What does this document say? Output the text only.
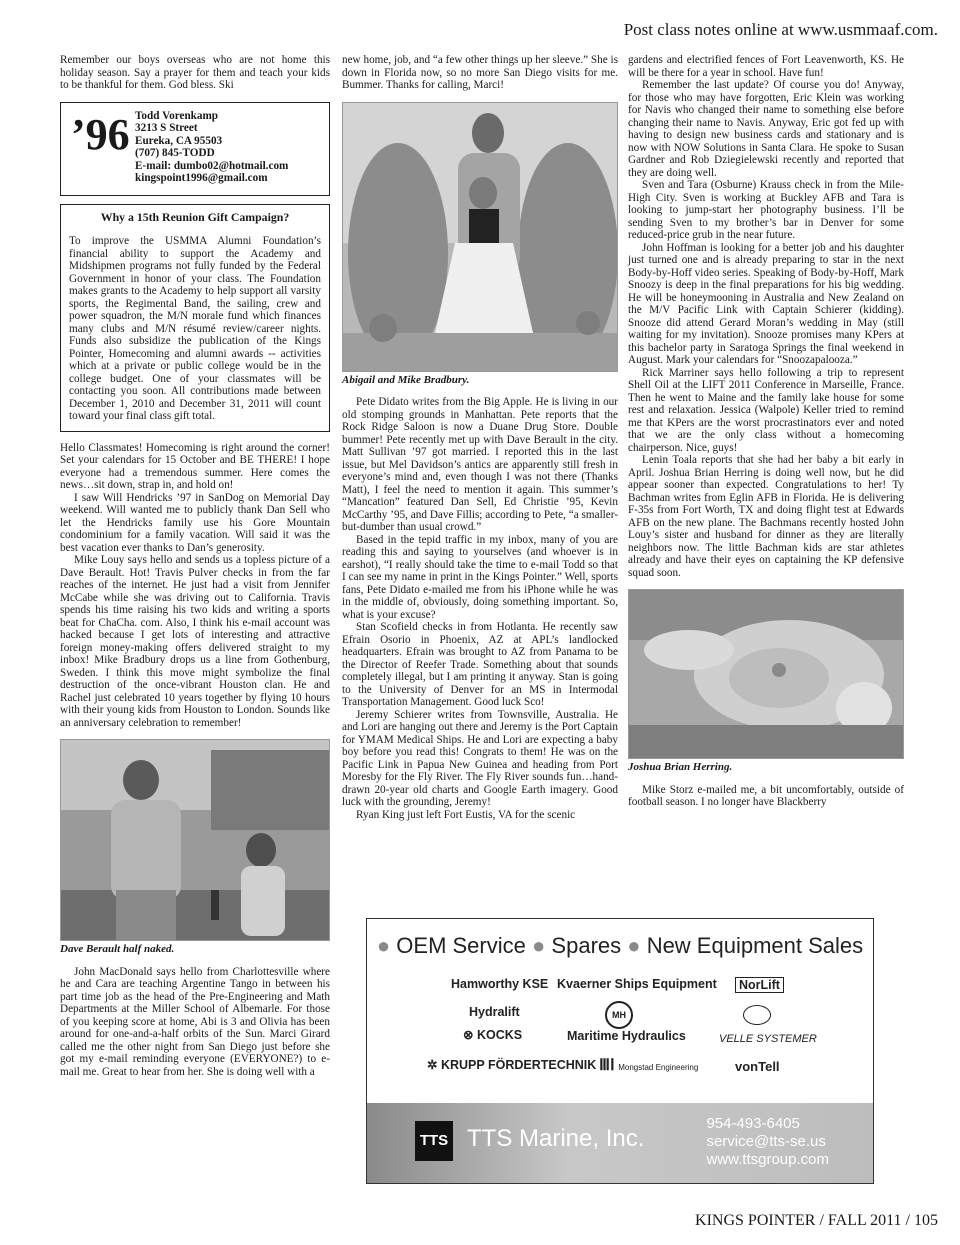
Post class notes online at www.usmmaaf.com.

Remember our boys overseas who are not home this holiday season. Say a prayer for them and teach your kids to be thankful for them. God bless. Ski

’96 Todd Vorenkamp
3213 S Street
Eureka, CA 95503
(707) 845-TODD
E-mail: dumbo02@hotmail.com
kingspoint1996@gmail.com
Why a 15th Reunion Gift Campaign?

To improve the USMMA Alumni Foundation’s financial ability to support the Academy and Midshipmen programs not fully funded by the Federal Government in honor of your class. The Foundation makes grants to the Academy to help support all varsity sports, the Regimental Band, the sailing, crew and power squadron, the M/N morale fund which finances many clubs and M/N résumé review/career nights. Funds also subsidize the publication of the Kings Pointer, Homecoming and alumni awards -- activities which at a private or public college would be in the college budget. One of your classmates will be contacting you soon. All contributions made between December 1, 2010 and December 31, 2011 will count toward your final class gift total.

Hello Classmates! Homecoming is right around the corner! Set your calendars for 15 October and BE THERE! I hope everyone had a tremendous summer. Here comes the news…sit down, strap in, and hold on!

I saw Will Hendricks ’97 in SanDog on Memorial Day weekend. Will wanted me to publicly thank Dan Sell who let the Hendricks family use his Gore Mountain condominium for a family vacation. Will said it was the best vacation ever thanks to Dan’s generosity.

Mike Louy says hello and sends us a topless picture of a Dave Berault. Hot! Travis Pulver checks in from the far reaches of the internet. He just had a visit from Jennifer McCabe while she was driving out to California. Travis spends his time raising his two kids and writing a sports beat for ChaCha. com. Also, I think his e-mail account was hacked because I get lots of interesting and attractive foreign money-making offers delivered straight to my inbox! Mike Bradbury drops us a line from Gothenburg, Sweden. I think this move might symbolize the final destruction of the once-vibrant Houston clan. He and Rachel just celebrated 10 years together by flying 10 hours with their young kids from Houston to London. Sounds like an anniversary celebration to remember!

Dave Berault half naked.

John MacDonald says hello from Charlottesville where he and Cara are teaching Argentine Tango in between his part time job as the head of the Pre-Engineering and Math Departments at the Miller School of Albemarle. For those of you keeping score at home, Abi is 3 and Olivia has been around for one-and-a-half orbits of the Sun. Marci Girard called me the other night from San Diego just before she got my e-mail reminding everyone (EVERYONE?) to e-mail me. Great to hear from her. She is doing well with a

new home, job, and “a few other things up her sleeve.” She is down in Florida now, so no more San Diego visits for me. Bummer. Thanks for calling, Marci!

Abigail and Mike Bradbury.

Pete Didato writes from the Big Apple. He is living in our old stomping grounds in Manhattan. Pete reports that the Rock Ridge Saloon is now a Duane Drug Store. Double bummer! Pete recently met up with Dave Berault in the city. Matt Sullivan ’97 got married. I reported this in the last issue, but Mel Davidson’s antics are apparently still fresh in everyone’s mind and, even though I was not there (Thanks Matt), I feel the need to mention it again. This summer’s “Mancation” featured Dan Sell, Ed Christie ’95, Kevin McCarthy ’95, and Dave Fillis; according to Pete, “a smaller-but-dumber than usual crowd.”

Based in the tepid traffic in my inbox, many of you are reading this and saying to yourselves (and whoever is in earshot), “I really should take the time to e-mail Todd so that I can see my name in print in the Kings Pointer.” Well, sports fans, Pete Didato e-mailed me from his iPhone while he was in the middle of, obviously, doing something important. So, what is your excuse?

Stan Scofield checks in from Hotlanta. He recently saw Efrain Osorio in Phoenix, AZ at APL’s landlocked headquarters. Efrain was brought to AZ from Panama to be the Director of Reefer Trade. Something about that sounds completely illegal, but I am printing it anyway. Stan is going to the University of Denver for an MS in Intermodal Transportation Management. Good luck Sco!

Jeremy Schierer writes from Townsville, Australia. He and Lori are hanging out there and Jeremy is the Port Captain for YMAM Medical Ships. He and Lori are expecting a baby boy before you read this! Congrats to them! He was on the Pacific Link in Papua New Guinea and heading from Port Moresby for the Fly River. The Fly River sounds fun…hand-drawn 20-year old charts and Google Earth imagery. Good luck with the grounding, Jeremy!

Ryan King just left Fort Eustis, VA for the scenic

gardens and electrified fences of Fort Leavenworth, KS. He will be there for a year in school. Have fun!

Remember the last update? Of course you do! Anyway, for those who may have forgotten, Eric Klein was working for Navis who changed their name to something else before changing their name to Navis. Anyway, Eric got fed up with having to design new business cards and stationary and is now with NOW Solutions in Santa Clara. He spoke to Susan Gardner and Rob Dziegielewski recently and reported that they are doing well.

Sven and Tara (Osburne) Krauss check in from the Mile-High City. Sven is working at Buckley AFB and Tara is looking to jump-start her photography business. I’ll be sending Sven to my brother’s bar in Denver for some reduced-price grub in the near future.

John Hoffman is looking for a better job and his daughter just turned one and is already preparing to star in the next Body-by-Hoff video series. Speaking of Body-by-Hoff, Mark Snoozy is deep in the final preparations for his big wedding. He will be honeymooning in Australia and New Zealand on the M/V Pacific Link with Captain Schierer (kidding). Snooze did attend Gerard Moran’s wedding in May (still waiting for my invitation). Snooze promises many KPers at this bachelor party in Saratoga Springs the final weekend in August. Mark your calendars for “Snoozapalooza.”

Rick Marriner says hello following a trip to represent Shell Oil at the LIFT 2011 Conference in Marseille, France. Then he went to Maine and the family lake house for some rest and relaxation. Jessica (Walpole) Keller tried to remind me that KPers are the worst procrastinators ever and noted that we are the only class without a homecoming chairperson. Nice, guys!

Lenin Toala reports that she had her baby a bit early in April. Joshua Brian Herring is doing well now, but he did appear sooner than expected. Congratulations to her! Ty Bachman writes from Eglin AFB in Florida. He is delivering F-35s from Fort Worth, TX and doing flight test at Edwards AFB on the new plane. The Bachmans recently hosted John Louy’s sister and husband for dinner as they are literally neighbors now. The little Bachman kids are star athletes already and have their eyes on captaining the KP defensive squad soon.

Joshua Brian Herring.

Mike Storz e-mailed me, a bit uncomfortably, outside of football season. I no longer have Blackberry

● OEM Service ● Spares ● New Equipment Sales
Hamworthy KSE Kvaerner Ships Equipment	NorLift
Hydralift
⊗ KOCKS
MH
Maritime Hydraulics	VELLE SYSTEMER
✲ KRUPP FÖRDERTECHNIK ⅢⅠ Mongstad Engineering	vonTell
TTS TTS Marine, Inc.
954-493-6405
service@tts-se.us
www.ttsgroup.com
KINGS POINTER / FALL 2011 / 105
